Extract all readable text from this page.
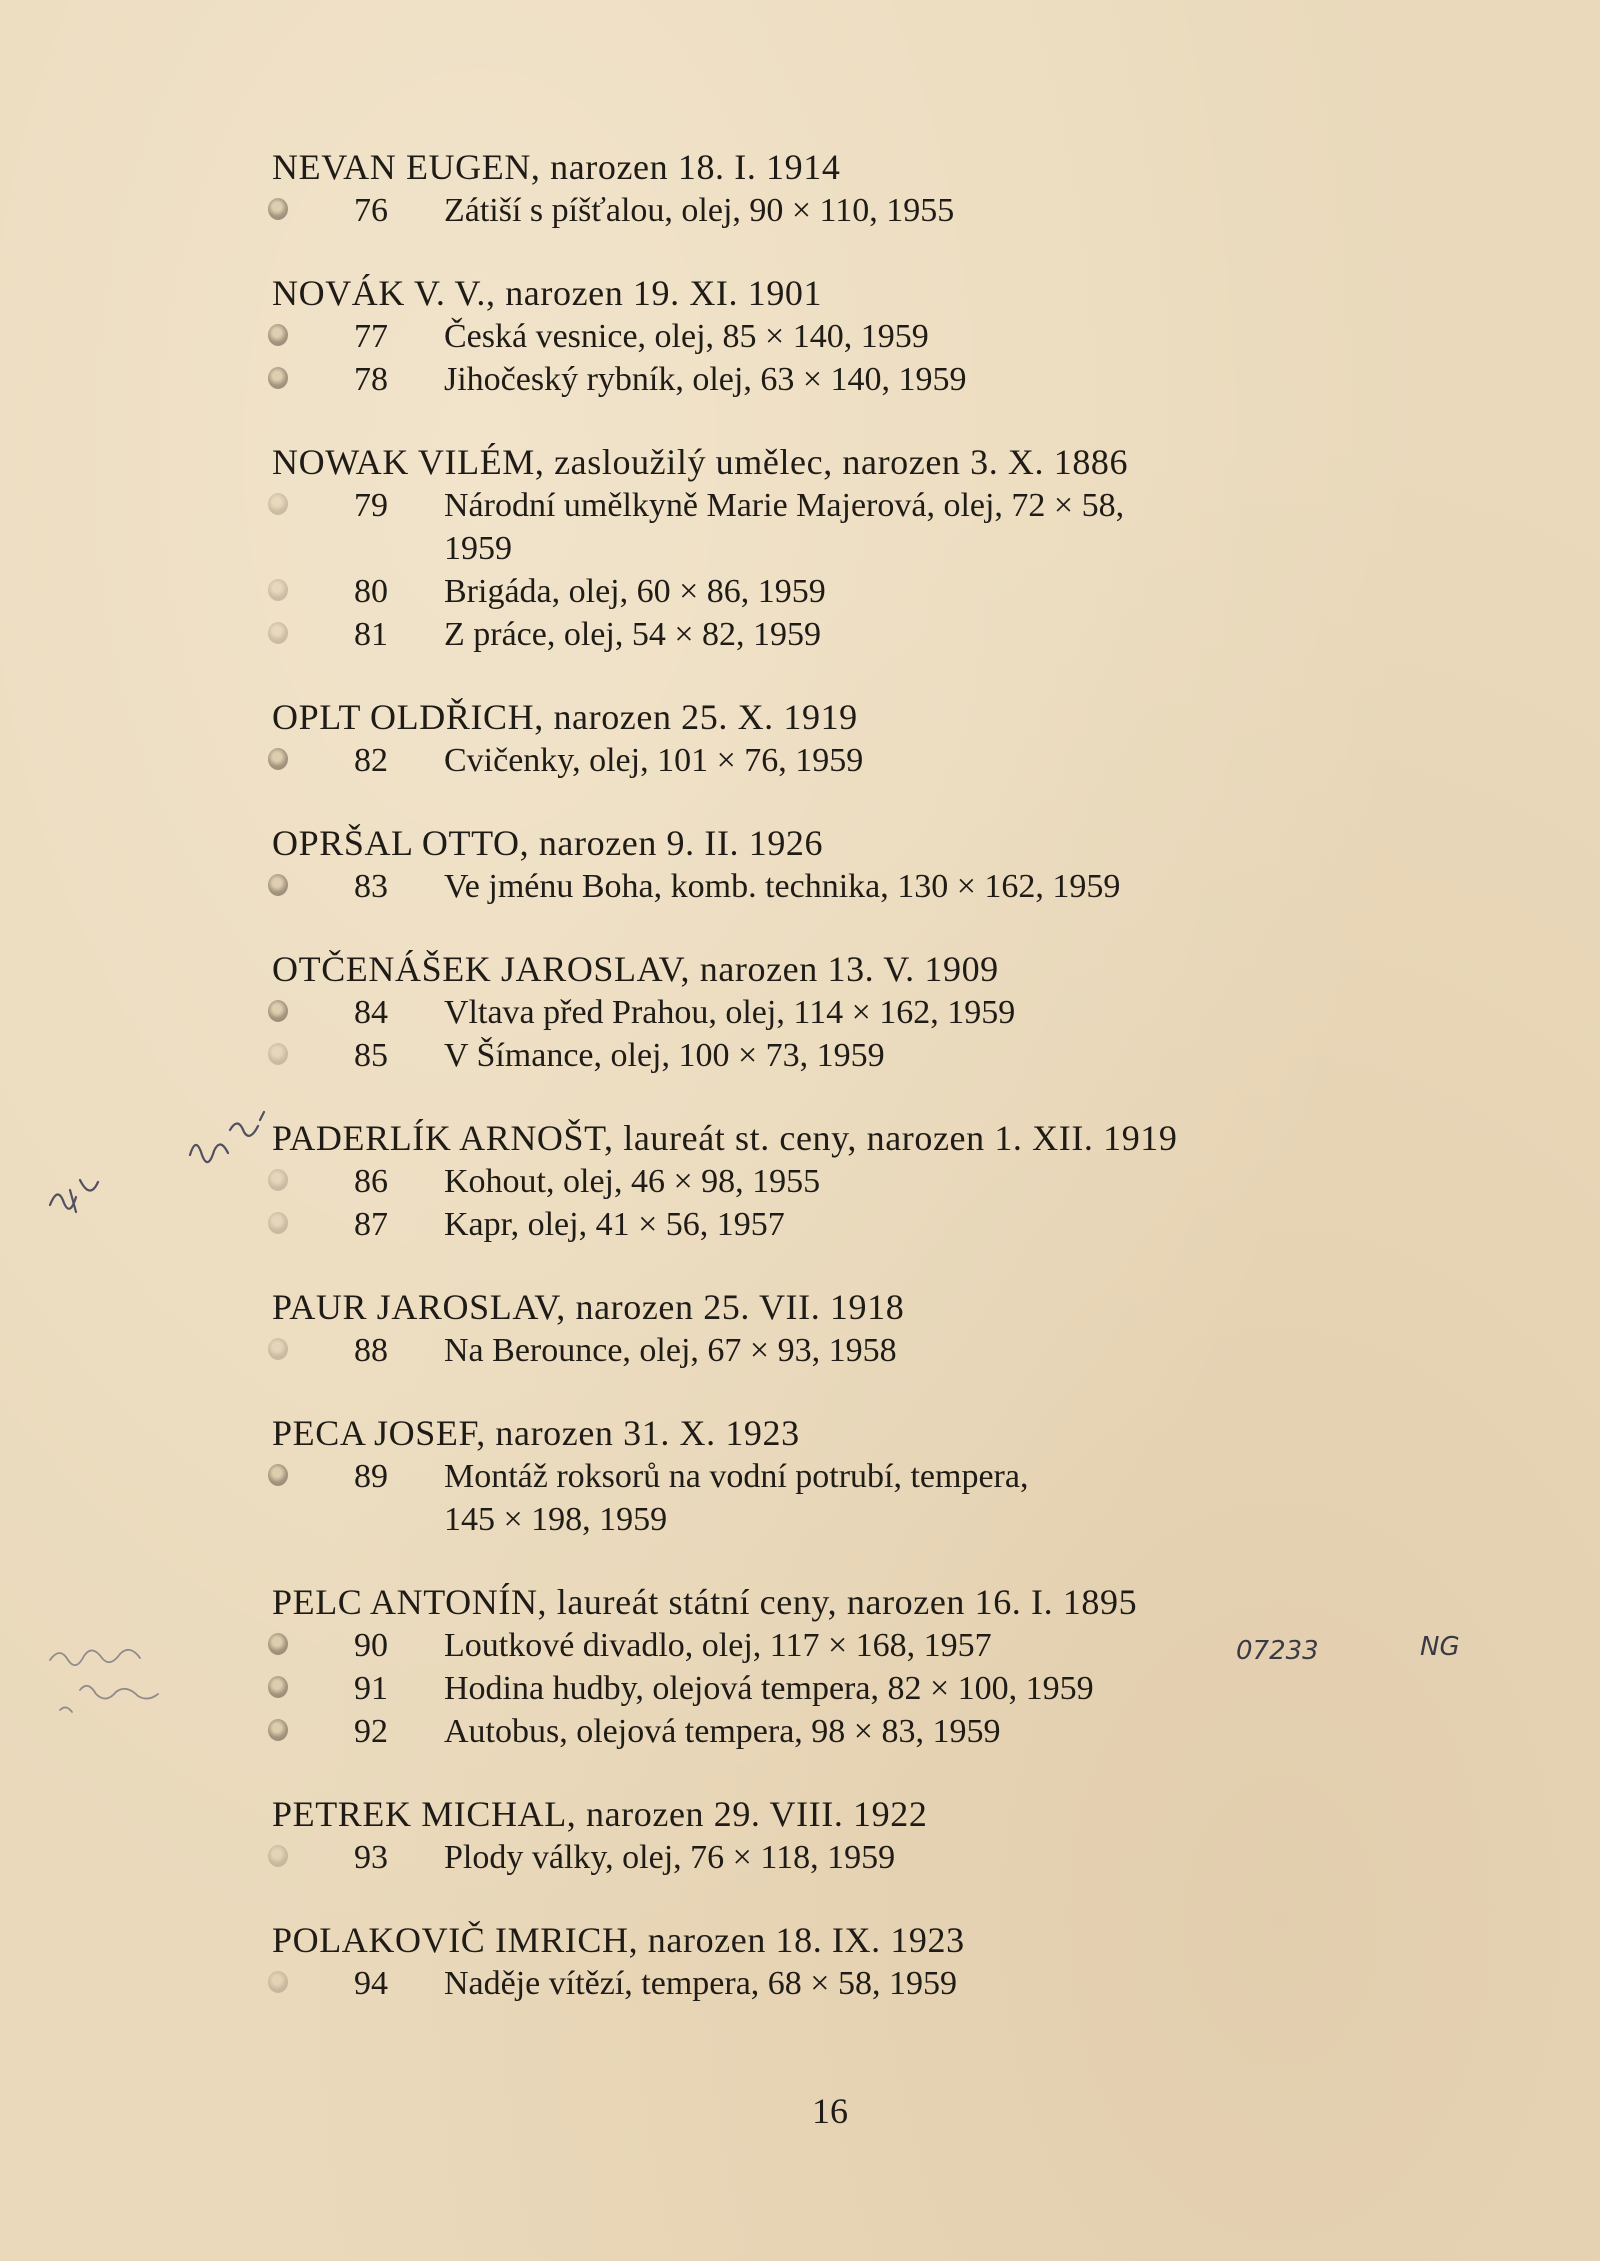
NEVAN EUGEN, narozen 18. I. 1914
76 Zátiší s píšťalou, olej, 90 × 110, 1955
NOVÁK V. V., narozen 19. XI. 1901
77 Česká vesnice, olej, 85 × 140, 1959
78 Jihočeský rybník, olej, 63 × 140, 1959
NOWAK VILÉM, zasloužilý umělec, narozen 3. X. 1886
79 Národní umělkyně Marie Majerová, olej, 72 × 58,
1959
80 Brigáda, olej, 60 × 86, 1959
81 Z práce, olej, 54 × 82, 1959
OPLT OLDŘICH, narozen 25. X. 1919
82 Cvičenky, olej, 101 × 76, 1959
OPRŠAL OTTO, narozen 9. II. 1926
83 Ve jménu Boha, komb. technika, 130 × 162, 1959
OTČENÁŠEK JAROSLAV, narozen 13. V. 1909
84 Vltava před Prahou, olej, 114 × 162, 1959
85 V Šímance, olej, 100 × 73, 1959
PADERLÍK ARNOŠT, laureát st. ceny, narozen 1. XII. 1919
86 Kohout, olej, 46 × 98, 1955
87 Kapr, olej, 41 × 56, 1957
PAUR JAROSLAV, narozen 25. VII. 1918
88 Na Berounce, olej, 67 × 93, 1958
PECA JOSEF, narozen 31. X. 1923
89 Montáž roksorů na vodní potrubí, tempera,
145 × 198, 1959
PELC ANTONÍN, laureát státní ceny, narozen 16. I. 1895
90 Loutkové divadlo, olej, 117 × 168, 1957
91 Hodina hudby, olejová tempera, 82 × 100, 1959
92 Autobus, olejová tempera, 98 × 83, 1959
PETREK MICHAL, narozen 29. VIII. 1922
93 Plody války, olej, 76 × 118, 1959
POLAKOVIČ IMRICH, narozen 18. IX. 1923
94 Naděje vítězí, tempera, 68 × 58, 1959
07233	NG
16
